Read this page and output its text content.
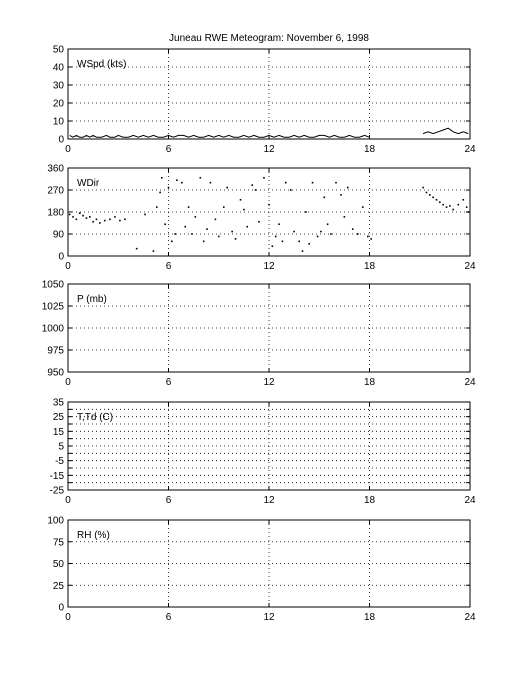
Juneau RWE Meteogram: November 6, 1998
0	6	12	18	24
0
10
20
30
40
50
WSpd (kts)
0	6	12	18	24
0
90
180
270
360
WDir
0	6	12	18	24
950
975
1000
1025
1050
P (mb)
0	6	12	18	24
-25
-15
-5
5
15
25
35
T,Td (C)
0	6	12	18	24
0
25
50
75
100
RH (%)
